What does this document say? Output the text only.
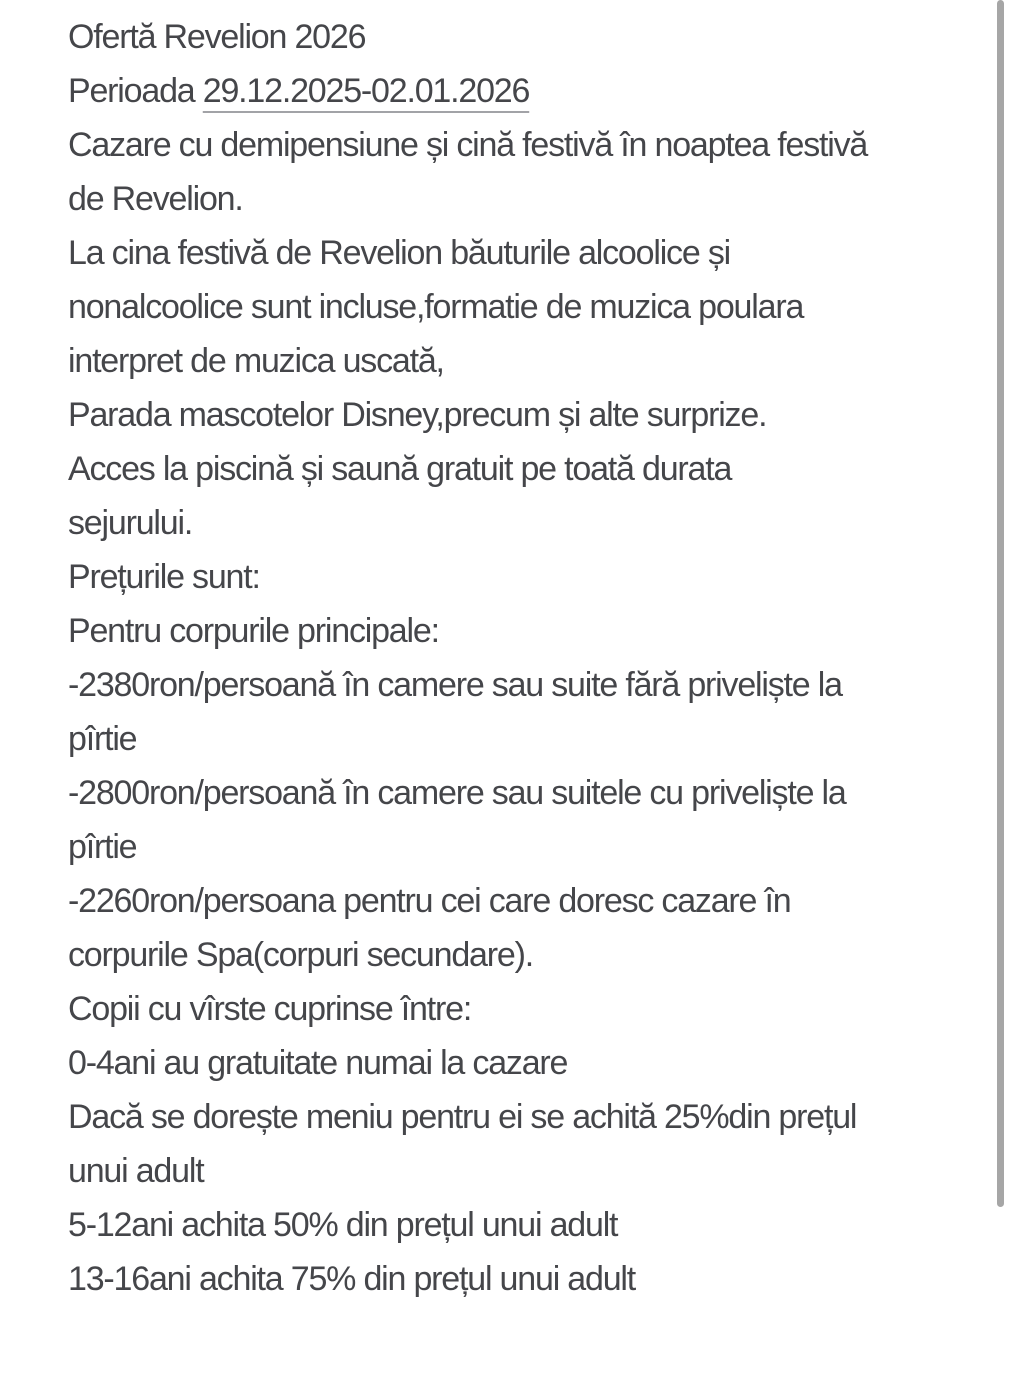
Ofertă Revelion 2026
Perioada 29.12.2025-02.01.2026
Cazare cu demipensiune și cină festivă în noaptea festivă
de Revelion.
La cina festivă de Revelion băuturile alcoolice și
nonalcoolice sunt incluse,formatie de muzica poulara
interpret de muzica uscată,
Parada mascotelor Disney,precum și alte surprize.
Acces la piscină și saună gratuit pe toată durata
sejurului.
Prețurile sunt:
Pentru corpurile principale:
-2380ron/persoană în camere sau suite fără priveliște la
pîrtie
-2800ron/persoană în camere sau suitele cu priveliște la
pîrtie
-2260ron/persoana pentru cei care doresc cazare în
corpurile Spa(corpuri secundare).
Copii cu vîrste cuprinse între:
0-4ani au gratuitate numai la cazare
Dacă se dorește meniu pentru ei se achită 25%din prețul
unui adult
5-12ani achita 50% din prețul unui adult
13-16ani achita 75% din prețul unui adult
